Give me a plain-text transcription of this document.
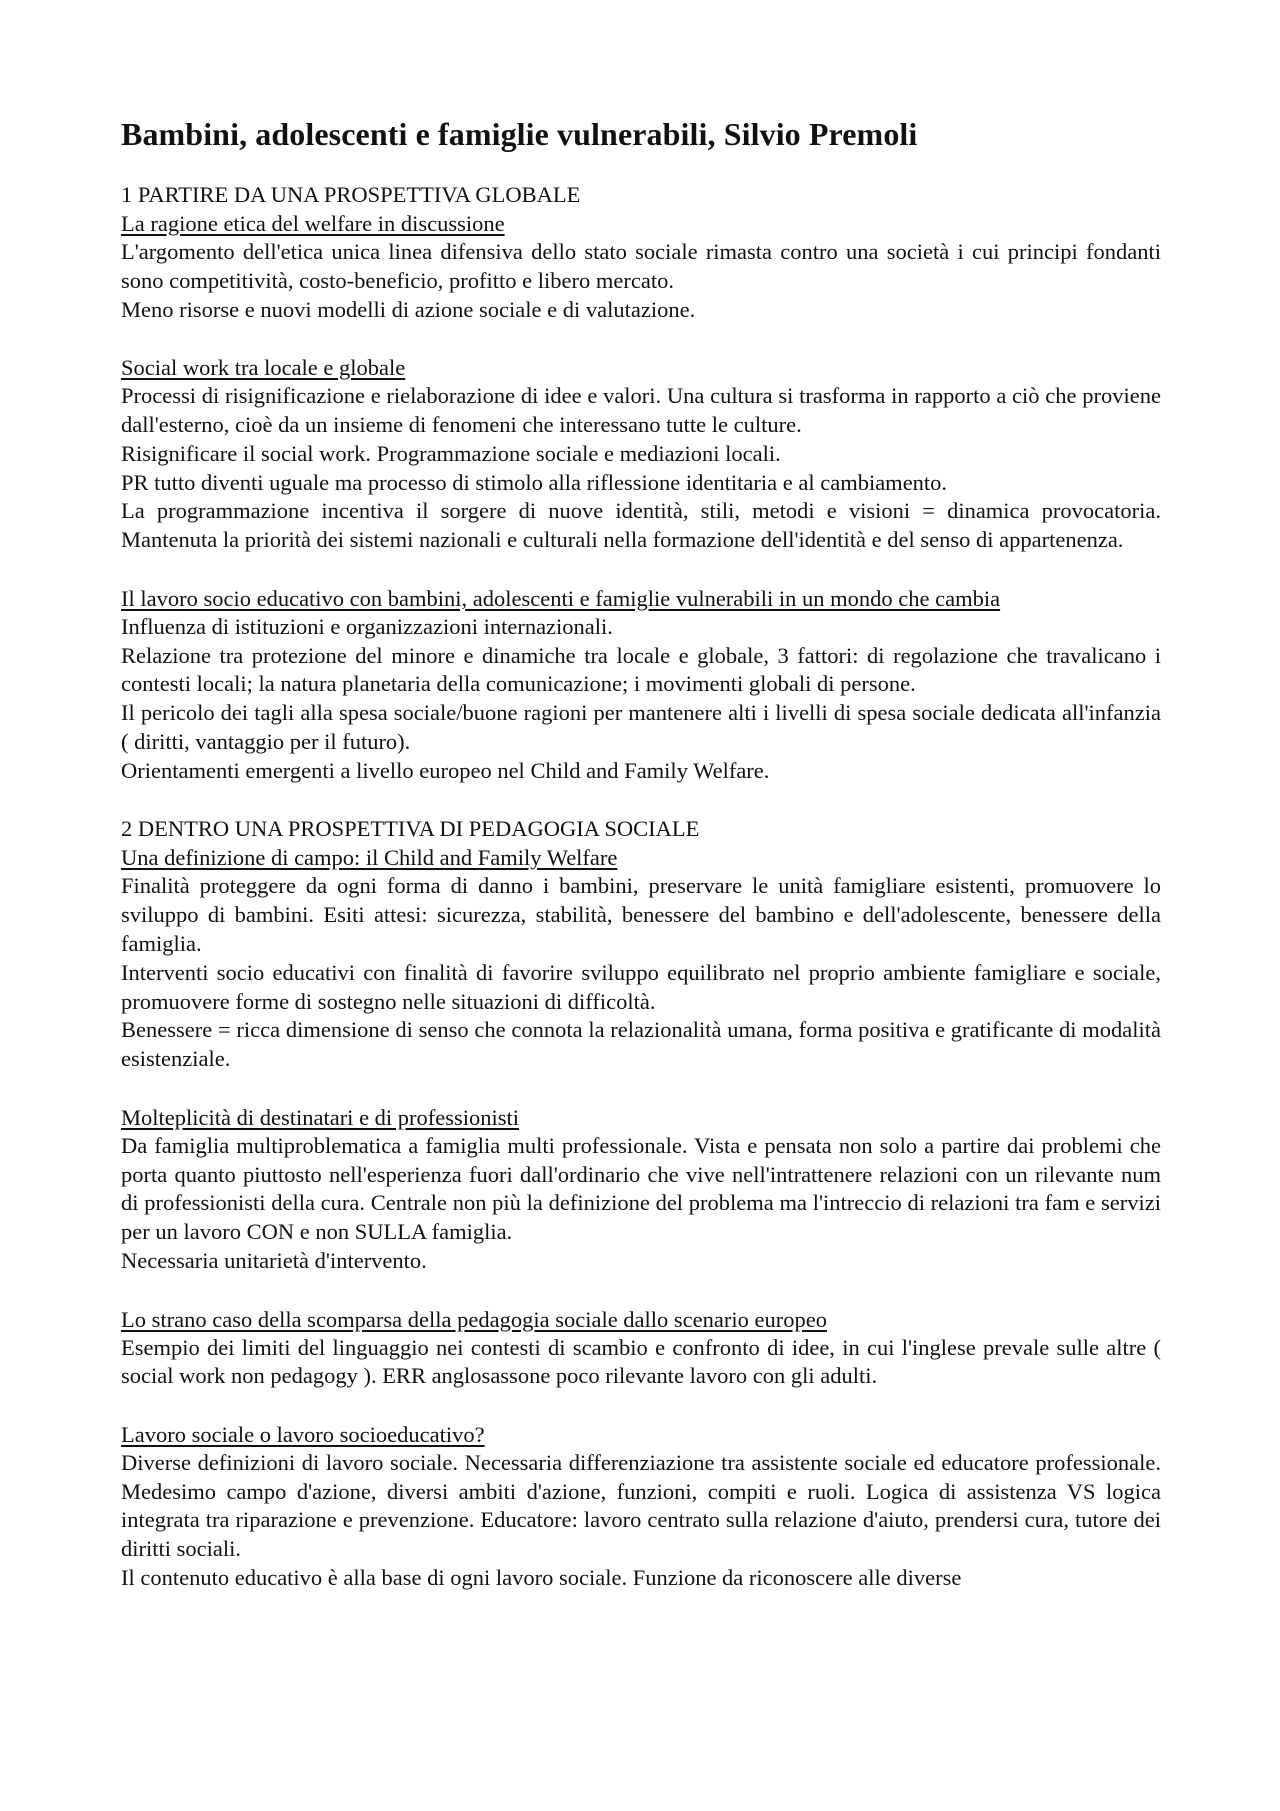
Bambini, adolescenti e famiglie vulnerabili, Silvio Premoli

1 PARTIRE DA UNA PROSPETTIVA GLOBALE

La ragione etica del welfare in discussione

L'argomento dell'etica unica linea difensiva dello stato sociale rimasta contro una società i cui principi fondanti sono competitività, costo-beneficio, profitto e libero mercato.

Meno risorse e nuovi modelli di azione sociale e di valutazione.

Social work tra locale e globale

Processi di risignificazione e rielaborazione di idee e valori. Una cultura si trasforma in rapporto a ciò che proviene dall'esterno, cioè da un insieme di fenomeni che interessano tutte le culture.

Risignificare il social work. Programmazione sociale e mediazioni locali.

PR tutto diventi uguale ma processo di stimolo alla riflessione identitaria e al cambiamento.

La programmazione incentiva il sorgere di nuove identità, stili, metodi e visioni = dinamica provocatoria. Mantenuta la priorità dei sistemi nazionali e culturali nella formazione dell'identità e del senso di appartenenza.

Il lavoro socio educativo con bambini, adolescenti e famiglie vulnerabili in un mondo che cambia

Influenza di istituzioni e organizzazioni internazionali.

Relazione tra protezione del minore e dinamiche tra locale e globale, 3 fattori: di regolazione che travalicano i contesti locali; la natura planetaria della comunicazione; i movimenti globali di persone.

Il pericolo dei tagli alla spesa sociale/buone ragioni per mantenere alti i livelli di spesa sociale dedicata all'infanzia ( diritti, vantaggio per il futuro).

Orientamenti emergenti a livello europeo nel Child and Family Welfare.

2 DENTRO UNA PROSPETTIVA DI PEDAGOGIA SOCIALE

Una definizione di campo: il Child and Family Welfare

Finalità proteggere da ogni forma di danno i bambini, preservare le unità famigliare esistenti, promuovere lo sviluppo di bambini. Esiti attesi: sicurezza, stabilità, benessere del bambino e dell'adolescente, benessere della famiglia.

Interventi socio educativi con finalità di favorire sviluppo equilibrato nel proprio ambiente famigliare e sociale, promuovere forme di sostegno nelle situazioni di difficoltà.

Benessere = ricca dimensione di senso che connota la relazionalità umana, forma positiva e gratificante di modalità esistenziale.

Molteplicità di destinatari e di professionisti

Da famiglia multiproblematica a famiglia multi professionale. Vista e pensata non solo a partire dai problemi che porta quanto piuttosto nell'esperienza fuori dall'ordinario che vive nell'intrattenere relazioni con un rilevante num di professionisti della cura. Centrale non più la definizione del problema ma l'intreccio di relazioni tra fam e servizi per un lavoro CON e non SULLA famiglia.

Necessaria unitarietà d'intervento.

Lo strano caso della scomparsa della pedagogia sociale dallo scenario europeo

Esempio dei limiti del linguaggio nei contesti di scambio e confronto di idee, in cui l'inglese prevale sulle altre ( social work non pedagogy ). ERR anglosassone poco rilevante lavoro con gli adulti.

Lavoro sociale o lavoro socioeducativo?

Diverse definizioni di lavoro sociale. Necessaria differenziazione tra assistente sociale ed educatore professionale. Medesimo campo d'azione, diversi ambiti d'azione, funzioni, compiti e ruoli. Logica di assistenza VS logica integrata tra riparazione e prevenzione. Educatore: lavoro centrato sulla relazione d'aiuto, prendersi cura, tutore dei diritti sociali.

Il contenuto educativo è alla base di ogni lavoro sociale. Funzione da riconoscere alle diverse
